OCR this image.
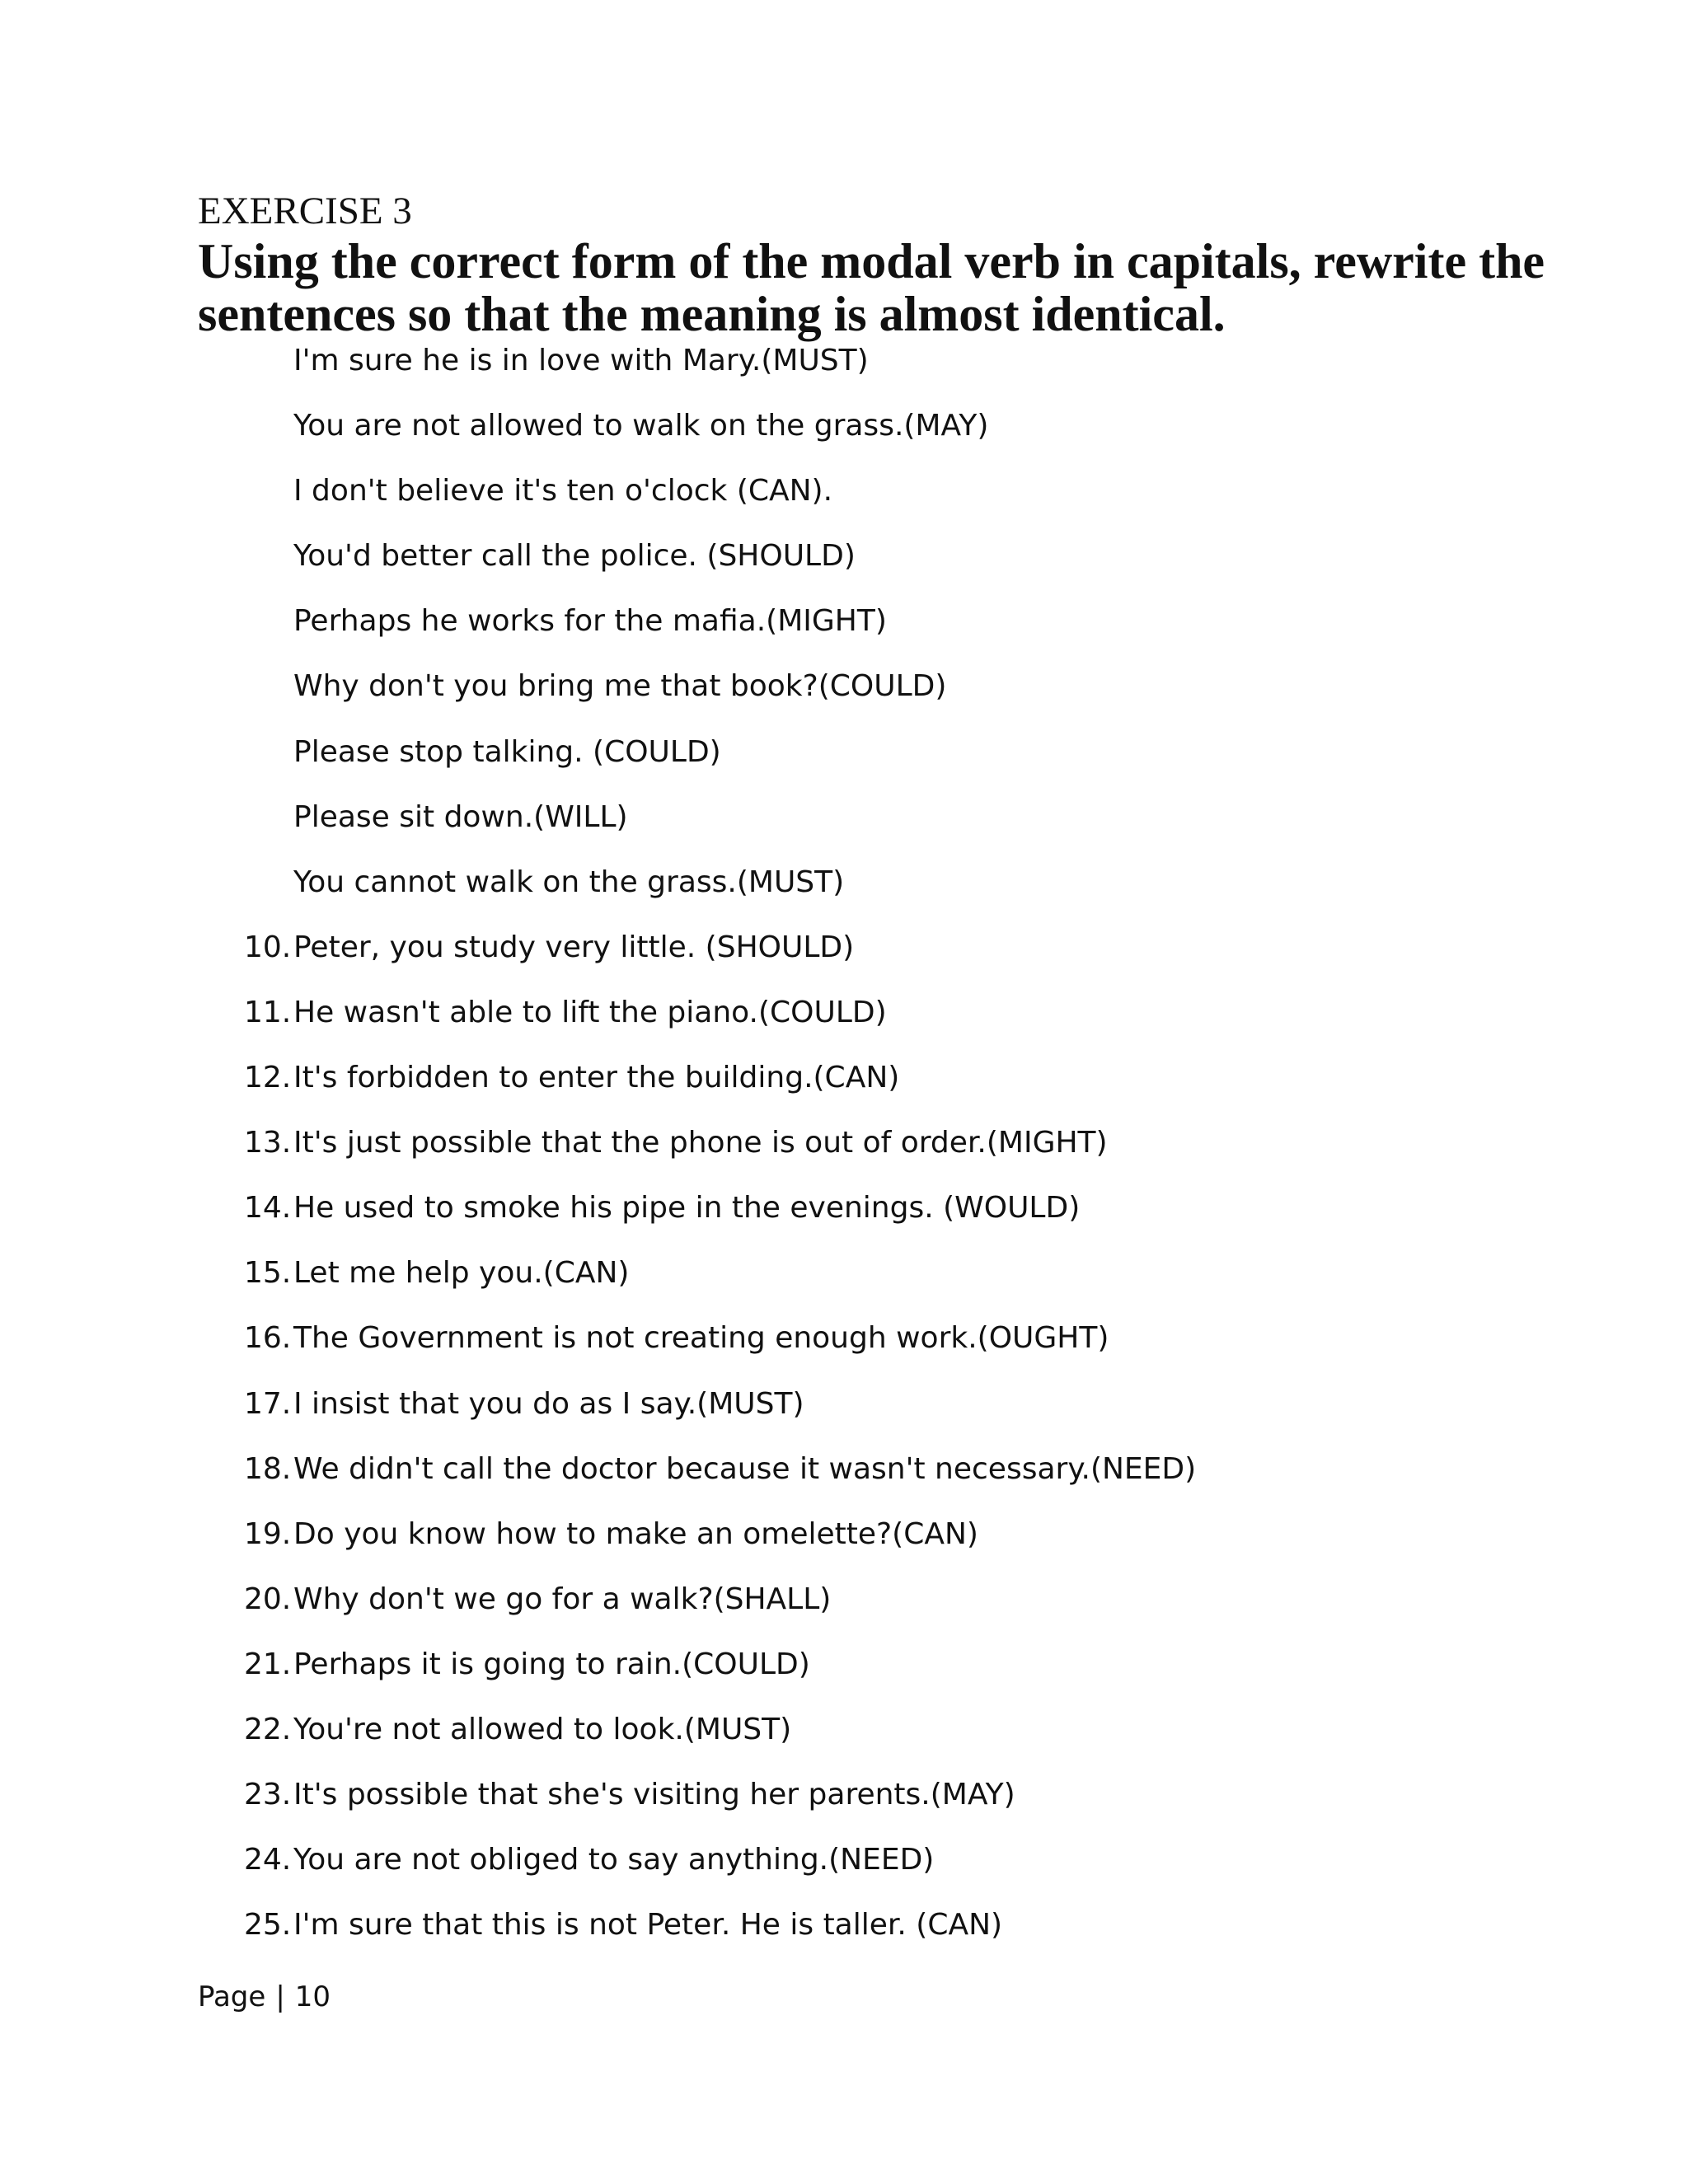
EXERCISE 3
Using the correct form of the modal verb in capitals, rewrite the sentences so that the meaning is almost identical.
I'm sure he is in love with Mary.(MUST)
You are not allowed to walk on the grass.(MAY)
I don't believe it's ten o'clock (CAN).
You'd better call the police. (SHOULD)
Perhaps he works for the mafia.(MIGHT)
Why don't you bring me that book?(COULD)
Please stop talking. (COULD)
Please sit down.(WILL)
You cannot walk on the grass.(MUST)
10. Peter, you study very little. (SHOULD)
11. He wasn't able to lift the piano.(COULD)
12. It's forbidden to enter the building.(CAN)
13. It's just possible that the phone is out of order.(MIGHT)
14. He used to smoke his pipe in the evenings. (WOULD)
15. Let me help you.(CAN)
16. The Government is not creating enough work.(OUGHT)
17. I insist that you do as I say.(MUST)
18. We didn't call the doctor because it wasn't necessary.(NEED)
19. Do you know how to make an omelette?(CAN)
20. Why don't we go for a walk?(SHALL)
21. Perhaps it is going to rain.(COULD)
22. You're not allowed to look.(MUST)
23. It's possible that she's visiting her parents.(MAY)
24. You are not obliged to say anything.(NEED)
25. I'm sure that this is not Peter. He is taller. (CAN)
Page | 10
